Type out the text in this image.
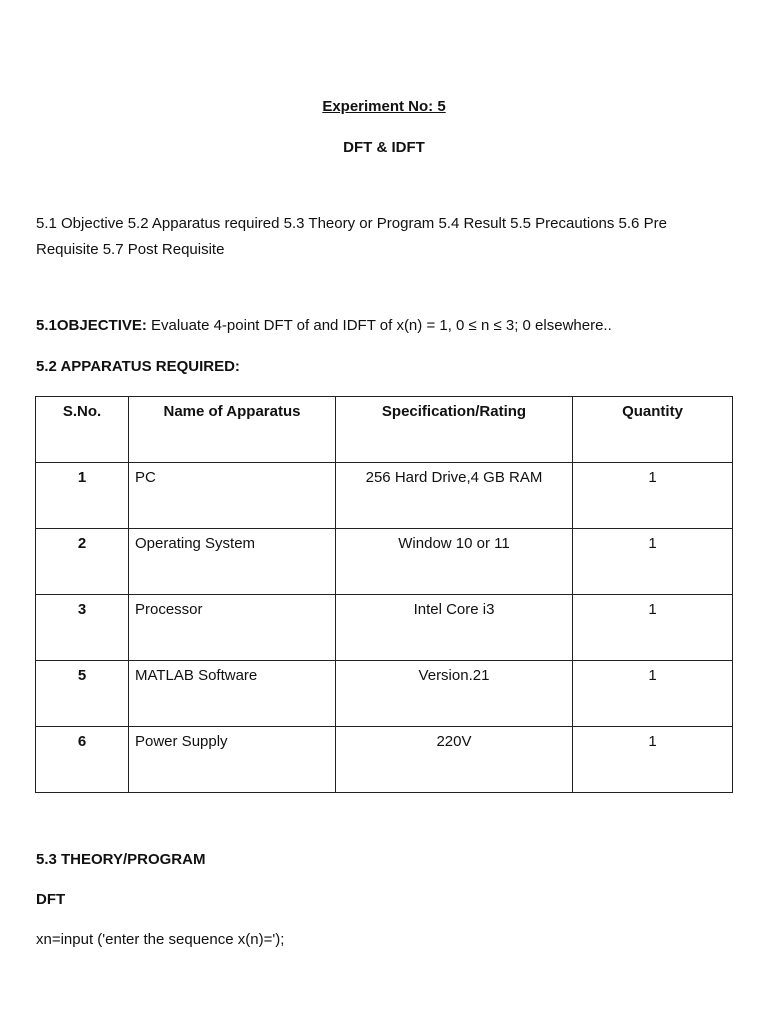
Experiment No: 5
DFT & IDFT
5.1 Objective 5.2 Apparatus required 5.3 Theory or Program 5.4 Result 5.5 Precautions 5.6 Pre
Requisite 5.7 Post Requisite
5.1OBJECTIVE: Evaluate 4-point DFT of and IDFT of x(n) = 1, 0 ≤ n ≤ 3; 0 elsewhere..
5.2 APPARATUS REQUIRED:
S.No.	Name of Apparatus	Specification/Rating	Quantity
1	PC	256 Hard Drive,4 GB RAM	1
2	Operating System	Window 10 or 11	1
3	Processor	Intel Core i3	1
5	MATLAB Software	Version.21	1
6	Power Supply	220V	1
5.3 THEORY/PROGRAM
DFT
xn=input ('enter the sequence x(n)=');
